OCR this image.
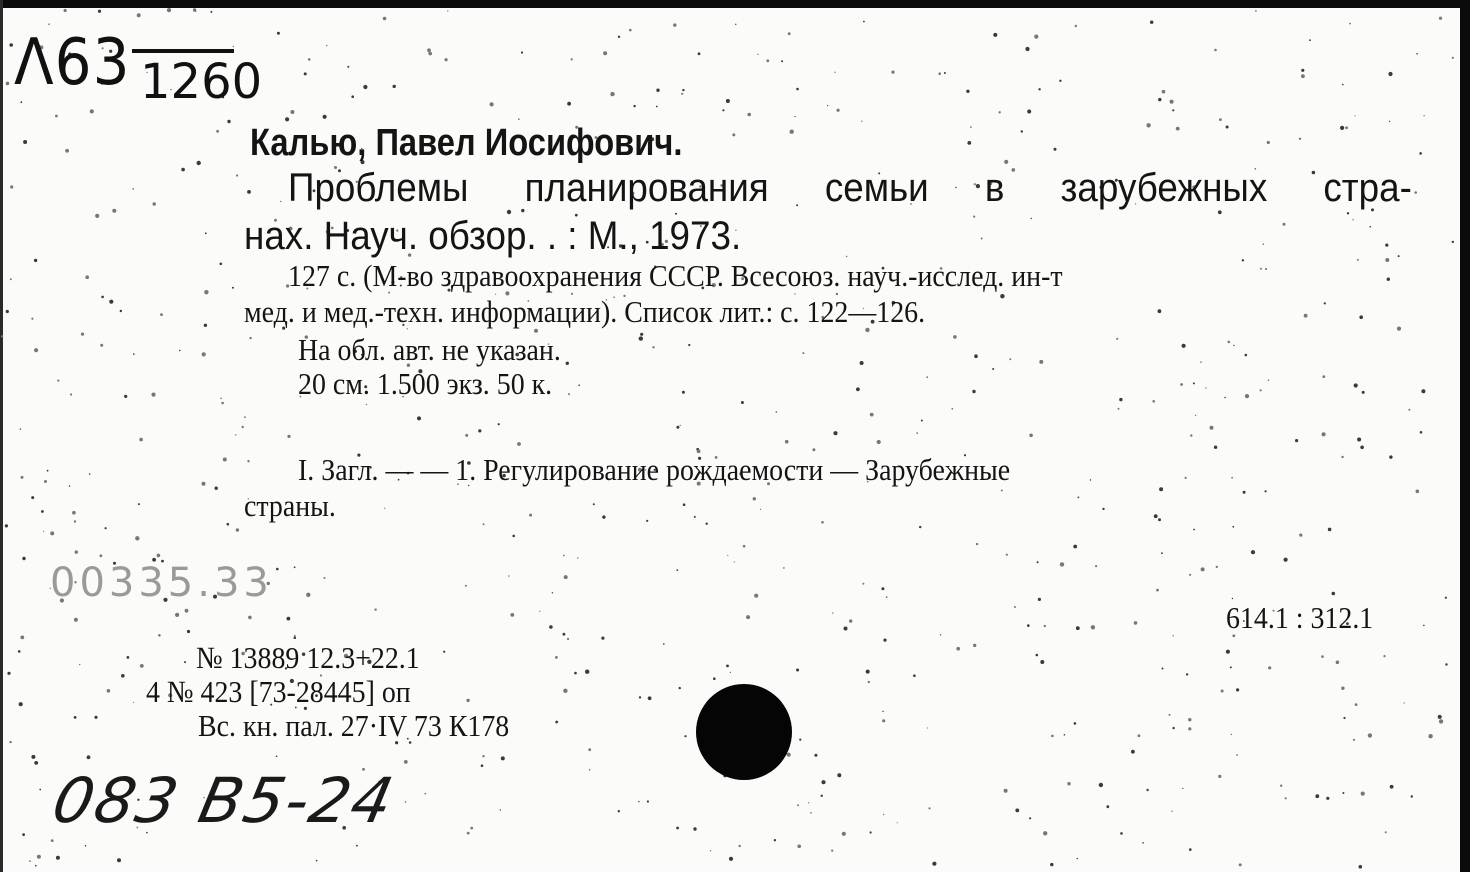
Λ63 1260
Калью, Павел Иосифович.
Проблемы планирования семьи в зарубежных стра-
нах. Науч. обзор. . : М., 1973.
127 с. (М-во здравоохранения СССР. Всесоюз. науч.-исслед. ин-т
мед. и мед.-техн. информации). Список лит.: с. 122—126.
На обл. авт. не указан.
20 см. 1.500 экз. 50 к.
I. Загл. — — 1. Регулирование рождаемости — Зарубежные
страны.
00335.33
614.1 : 312.1
№ 13889 12.3+22.1
4 № 423 [73-28445] оп
Вс. кн. пал. 27·IV 73 К178
083 В5-24
